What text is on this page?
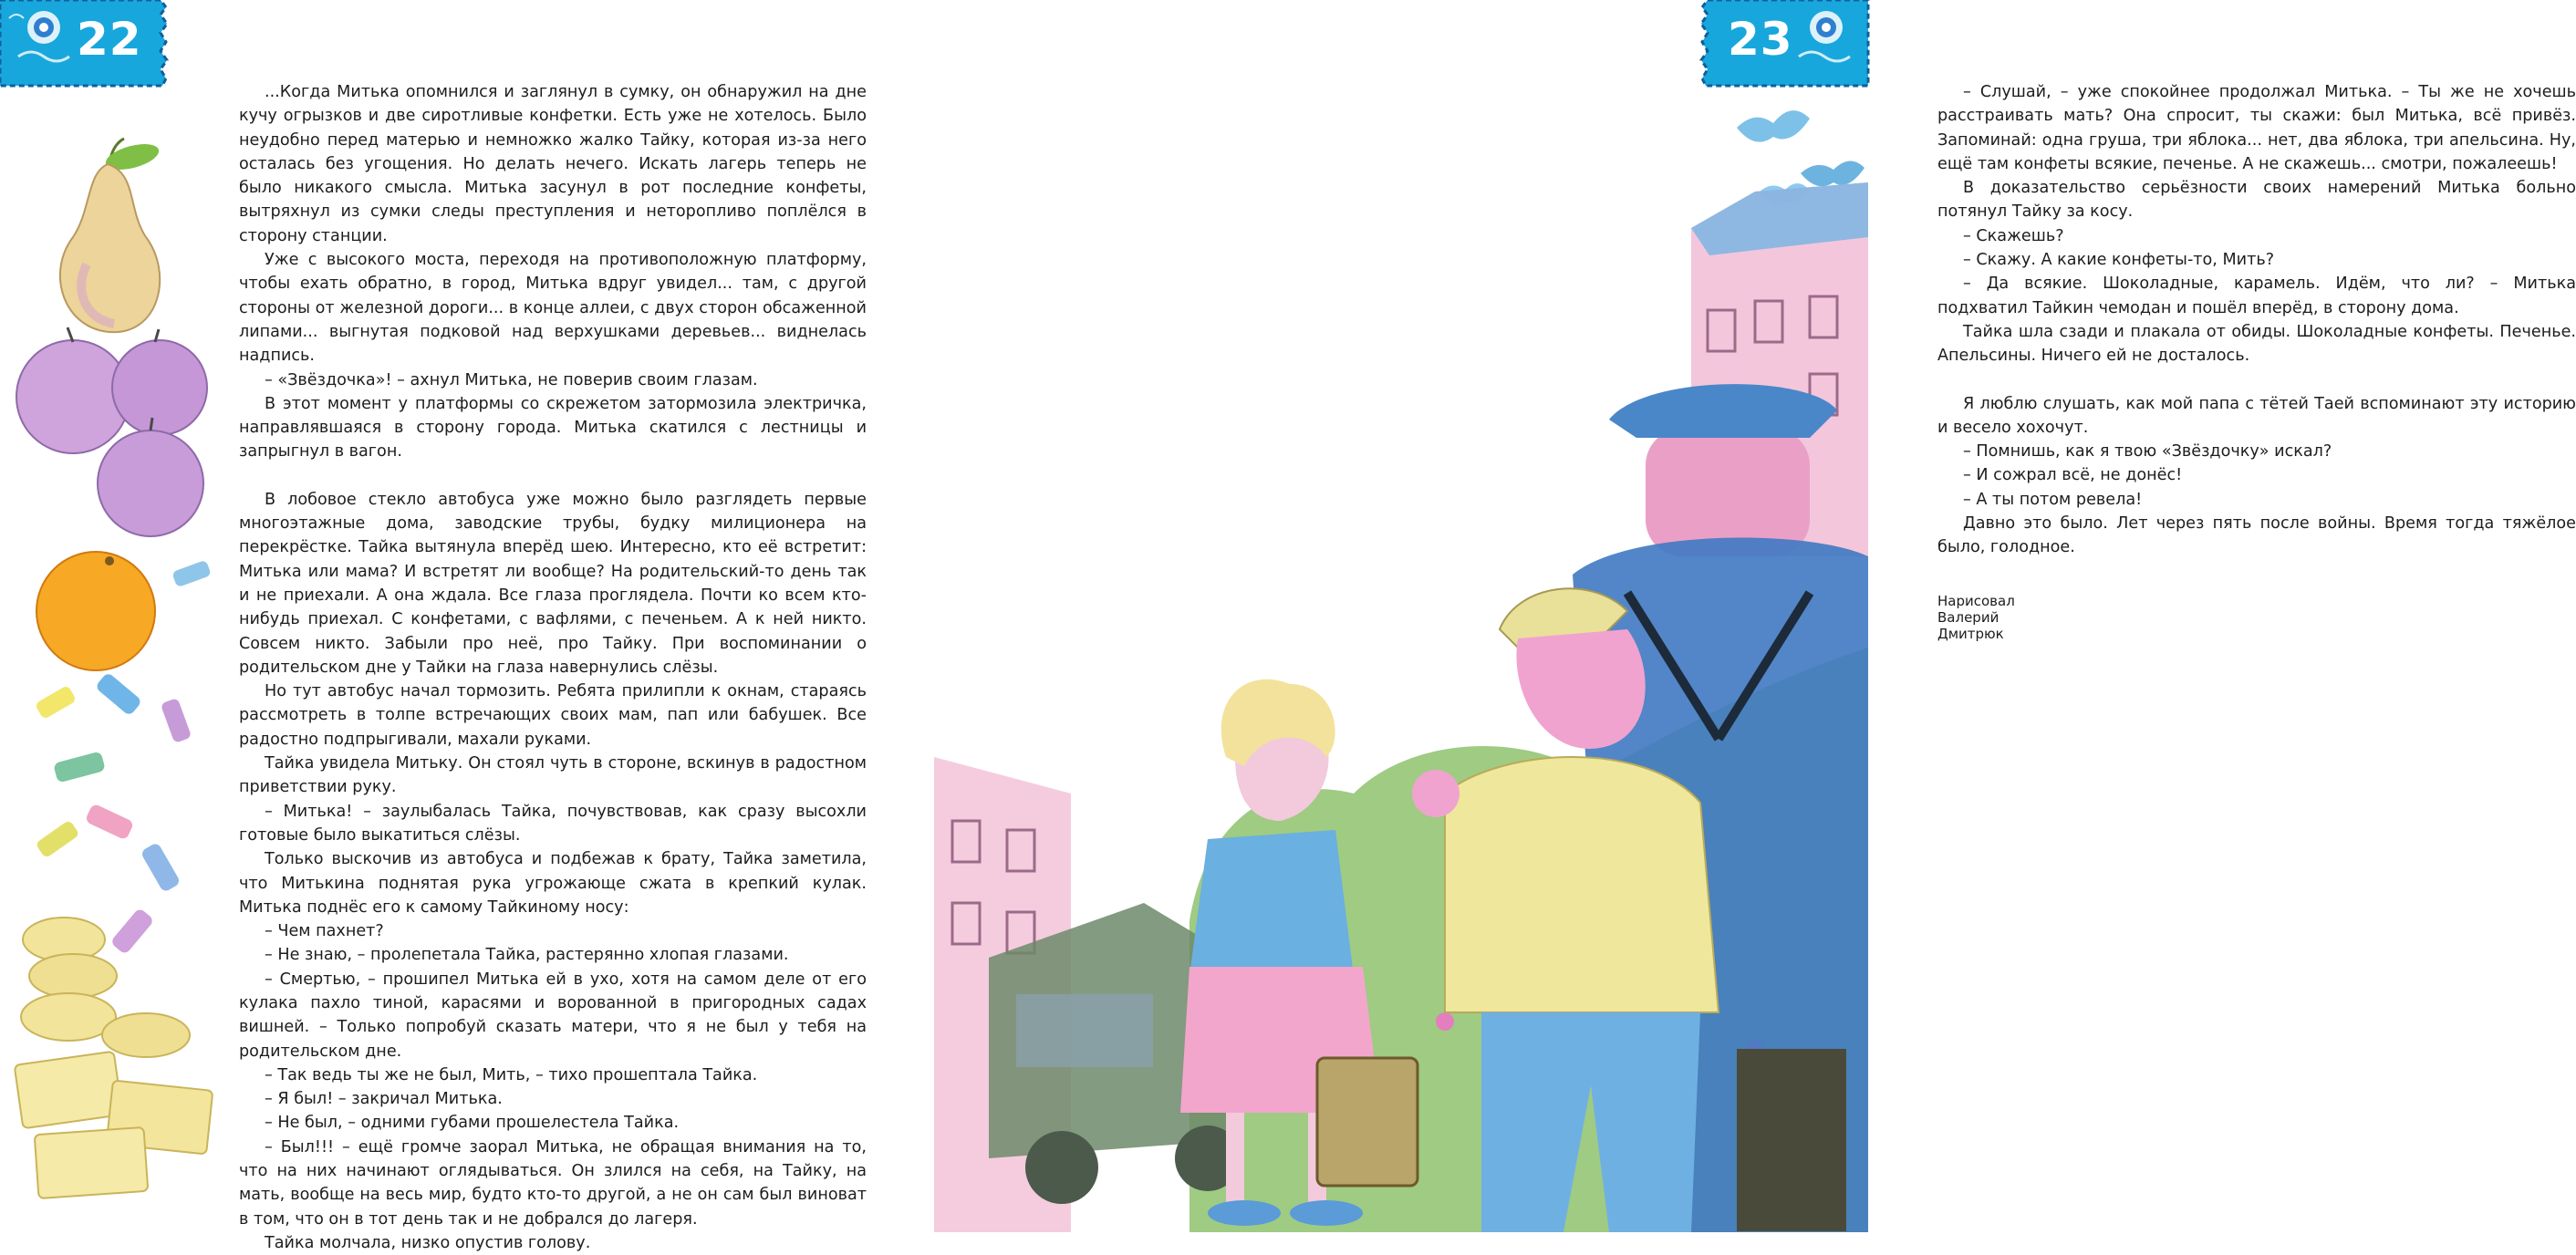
22

...Когда Митька опомнился и заглянул в сумку, он обнаружил на дне кучу огрызков и две сиротливые конфетки. Есть уже не хотелось. Было неудобно перед матерью и немножко жалко Тайку, которая из-за него осталась без угощения. Но делать нечего. Искать лагерь теперь не было никакого смысла. Митька засунул в рот последние конфеты, вытряхнул из сумки следы преступления и неторопливо поплёлся в сторону станции.

Уже с высокого моста, переходя на противоположную платформу, чтобы ехать обратно, в город, Митька вдруг увидел... там, с другой стороны от железной дороги... в конце аллеи, с двух сторон обсаженной липами... выгнутая подковой над верхушками деревьев... виднелась надпись.

– «Звёздочка»! – ахнул Митька, не поверив своим глазам.

В этот момент у платформы со скрежетом затормозила электричка, направлявшаяся в сторону города. Митька скатился с лестницы и запрыгнул в вагон.

В лобовое стекло автобуса уже можно было разглядеть первые многоэтажные дома, заводские трубы, будку милиционера на перекрёстке. Тайка вытянула вперёд шею. Интересно, кто её встретит: Митька или мама? И встретят ли вообще? На родительский-то день так и не приехали. А она ждала. Все глаза проглядела. Почти ко всем кто-нибудь приехал. С конфетами, с вафлями, с печеньем. А к ней никто. Совсем никто. Забыли про неё, про Тайку. При воспоминании о родительском дне у Тайки на глаза навернулись слёзы.

Но тут автобус начал тормозить. Ребята прилипли к окнам, стараясь рассмотреть в толпе встречающих своих мам, пап или бабушек. Все радостно подпрыгивали, махали руками.

Тайка увидела Митьку. Он стоял чуть в стороне, вскинув в радостном приветствии руку.

– Митька! – заулыбалась Тайка, почувствовав, как сразу высохли готовые было выкатиться слёзы.

Только выскочив из автобуса и подбежав к брату, Тайка заметила, что Митькина поднятая рука угрожающе сжата в крепкий кулак. Митька поднёс его к самому Тайкиному носу:

– Чем пахнет?

– Не знаю, – пролепетала Тайка, растерянно хлопая глазами.

– Смертью, – прошипел Митька ей в ухо, хотя на самом деле от его кулака пахло тиной, карасями и ворованной в пригородных садах вишней. – Только попробуй сказать матери, что я не был у тебя на родительском дне.

– Так ведь ты же не был, Мить, – тихо прошептала Тайка.

– Я был! – закричал Митька.

– Не был, – одними губами прошелестела Тайка.

– Был!!! – ещё громче заорал Митька, не обращая внимания на то, что на них начинают оглядываться. Он злился на себя, на Тайку, на мать, вообще на весь мир, будто кто-то другой, а не он сам был виноват в том, что он в тот день так и не добрался до лагеря.

Тайка молчала, низко опустив голову.

23

– Слушай, – уже спокойнее продолжал Митька. – Ты же не хочешь расстраивать мать? Она спросит, ты скажи: был Митька, всё привёз. Запоминай: одна груша, три яблока... нет, два яблока, три апельсина. Ну, ещё там конфеты всякие, печенье. А не скажешь... смотри, пожалеешь!

В доказательство серьёзности своих намерений Митька больно потянул Тайку за косу.

– Скажешь?

– Скажу. А какие конфеты-то, Мить?

– Да всякие. Шоколадные, карамель. Идём, что ли? – Митька подхватил Тайкин чемодан и пошёл вперёд, в сторону дома.

Тайка шла сзади и плакала от обиды. Шоколадные конфеты. Печенье. Апельсины. Ничего ей не досталось.

Я люблю слушать, как мой папа с тётей Таей вспоминают эту историю и весело хохочут.

– Помнишь, как я твою «Звёздочку» искал?

– И сожрал всё, не донёс!

– А ты потом ревела!

Давно это было. Лет через пять после войны. Время тогда тяжёлое было, голодное.

Нарисовал Валерий Дмитрюк
